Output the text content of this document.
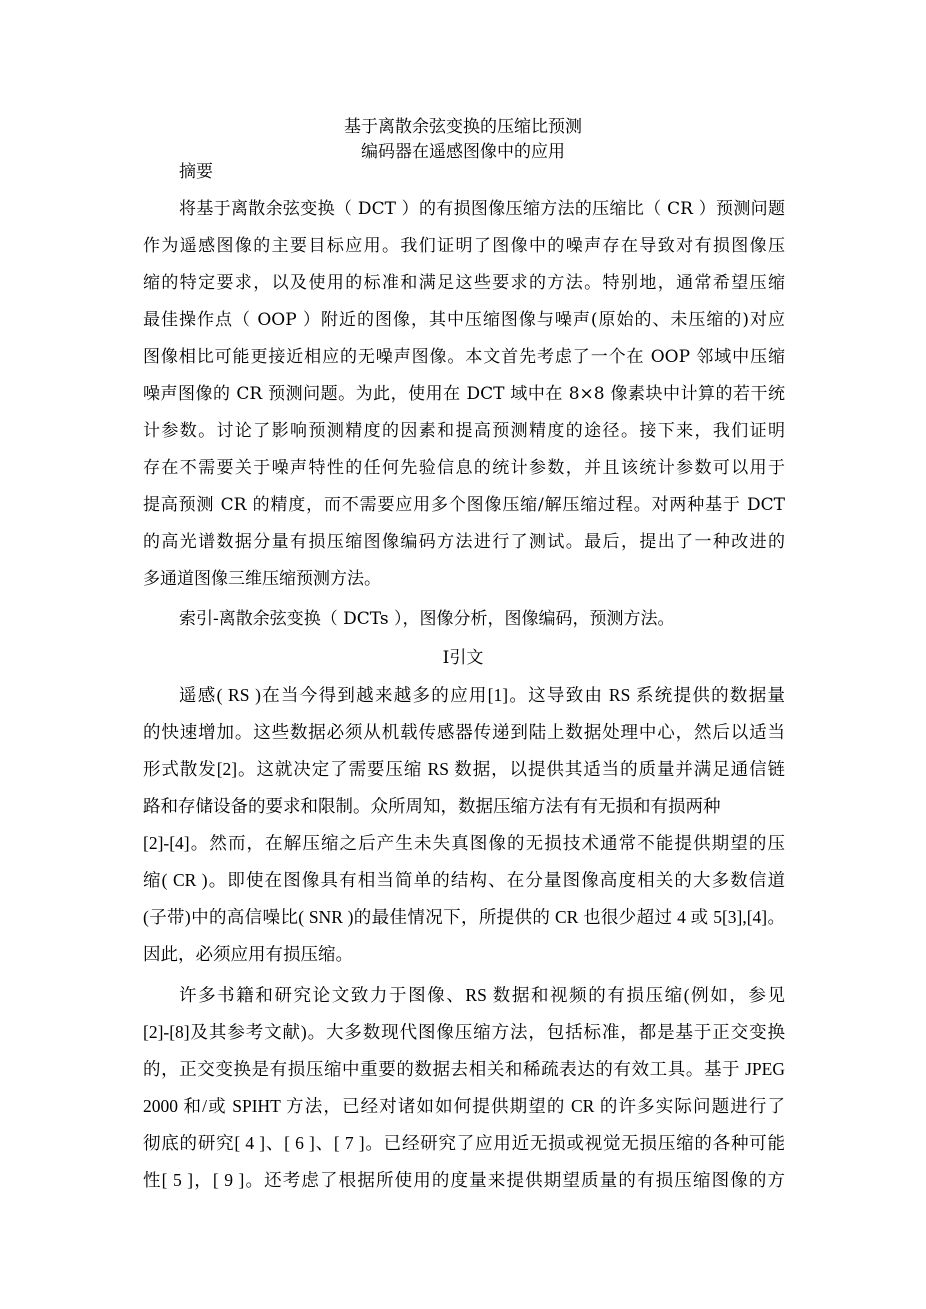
基于离散余弦变换的压缩比预测
编码器在遥感图像中的应用
摘要
将基于离散余弦变换（ DCT ）的有损图像压缩方法的压缩比（ CR ）预测问题
作为遥感图像的主要目标应用。我们证明了图像中的噪声存在导致对有损图像压
缩的特定要求，以及使用的标准和满足这些要求的方法。特别地，通常希望压缩
最佳操作点（ OOP ）附近的图像，其中压缩图像与噪声(原始的、未压缩的)对应
图像相比可能更接近相应的无噪声图像。本文首先考虑了一个在 OOP 邻域中压缩
噪声图像的 CR 预测问题。为此，使用在 DCT 域中在 8×8 像素块中计算的若干统
计参数。讨论了影响预测精度的因素和提高预测精度的途径。接下来，我们证明
存在不需要关于噪声特性的任何先验信息的统计参数，并且该统计参数可以用于
提高预测 CR 的精度，而不需要应用多个图像压缩/解压缩过程。对两种基于 DCT
的高光谱数据分量有损压缩图像编码方法进行了测试。最后，提出了一种改进的
多通道图像三维压缩预测方法。
索引-离散余弦变换（ DCTs ），图像分析，图像编码，预测方法。
Ⅰ引文
遥感( RS )在当今得到越来越多的应用[1]。这导致由 RS 系统提供的数据量
的快速增加。这些数据必须从机载传感器传递到陆上数据处理中心，然后以适当
形式散发[2]。这就决定了需要压缩 RS 数据，以提供其适当的质量并满足通信链
路和存储设备的要求和限制。众所周知，数据压缩方法有有无损和有损两种
[2]-[4]。然而，在解压缩之后产生未失真图像的无损技术通常不能提供期望的压
缩( CR )。即使在图像具有相当简单的结构、在分量图像高度相关的大多数信道
(子带)中的高信噪比( SNR )的最佳情况下，所提供的 CR 也很少超过 4 或 5[3],[4]。
因此，必须应用有损压缩。
许多书籍和研究论文致力于图像、RS 数据和视频的有损压缩(例如，参见
[2]-[8]及其参考文献)。大多数现代图像压缩方法，包括标准，都是基于正交变换
的，正交变换是有损压缩中重要的数据去相关和稀疏表达的有效工具。基于 JPEG
2000 和/或 SPIHT 方法，已经对诸如如何提供期望的 CR 的许多实际问题进行了
彻底的研究[ 4 ]、[ 6 ]、[ 7 ]。已经研究了应用近无损或视觉无损压缩的各种可能
性[ 5 ]，[ 9 ]。还考虑了根据所使用的度量来提供期望质量的有损压缩图像的方
